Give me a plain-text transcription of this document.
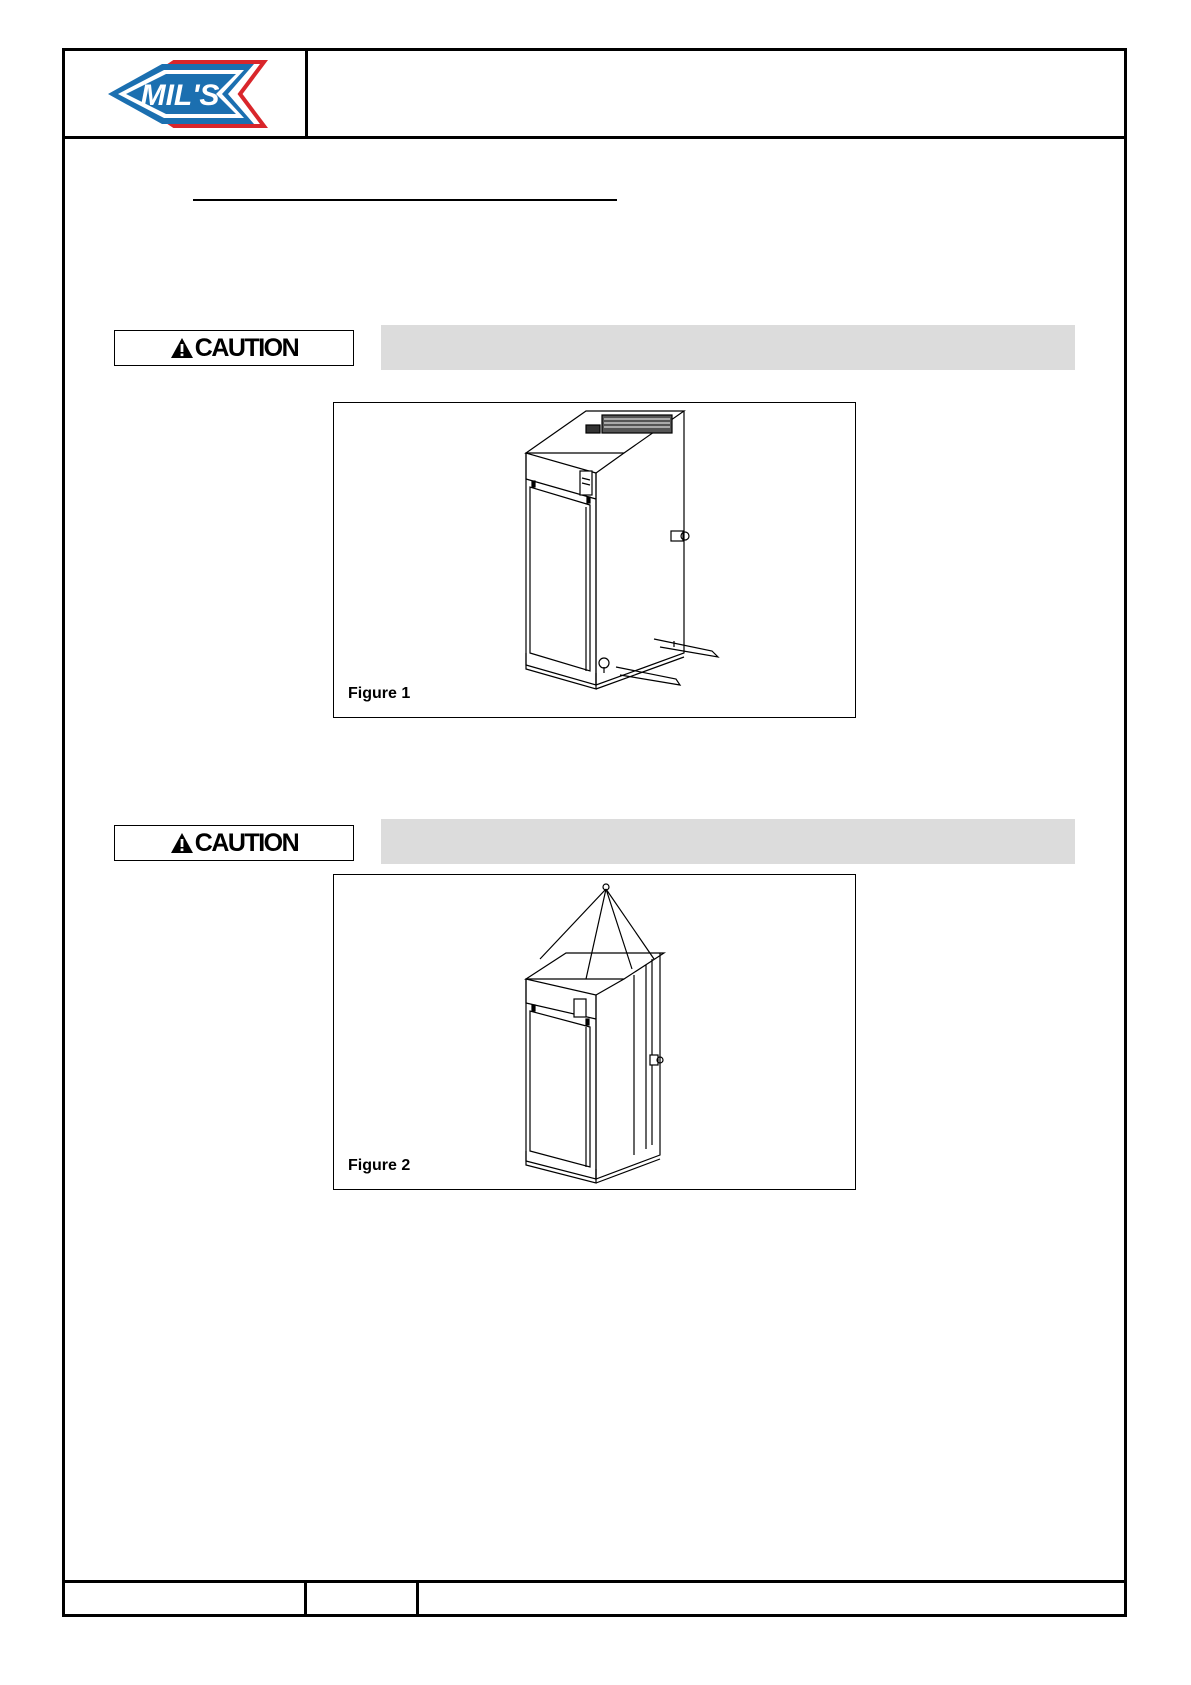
MIL'S
CAUTION
Figure 1
CAUTION
Figure 2
